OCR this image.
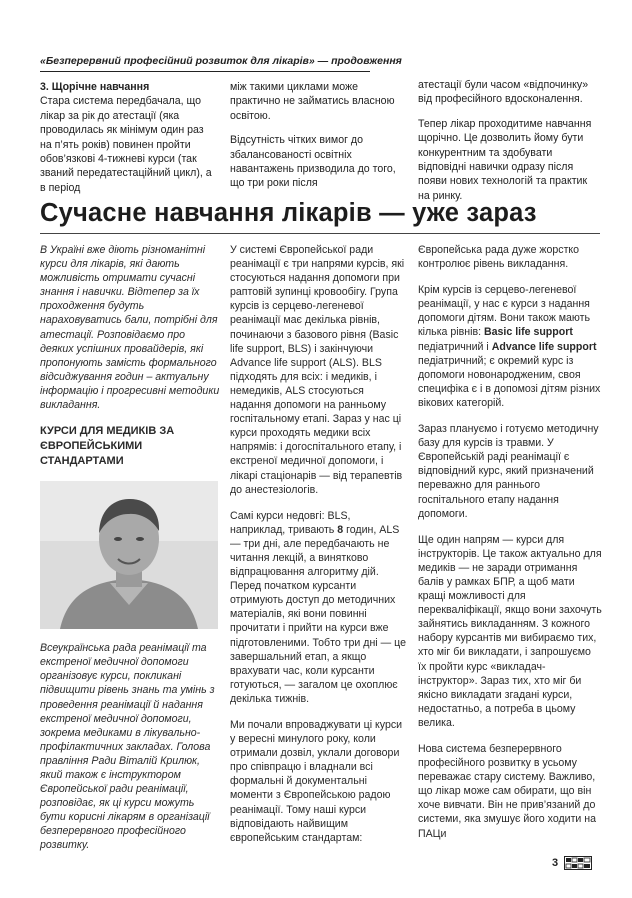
«Безперервний професійний розвиток для лікарів» — продовження
3. Щорічне навчання

Стара система передбачала, що лікар за рік до атестації (яка проводилась як мінімум один раз на п’ять років) повинен пройти обов’язкові 4-тижневі курси (так званий передатестаційний цикл), а в період

між такими циклами може практично не займатись власною освітою.

Відсутність чітких вимог до збалансованості освітніх навантажень призводила до того, що три роки після

атестації були часом «відпочинку» від професійного вдосконалення.

Тепер лікар проходитиме навчання щорічно. Це дозволить йому бути конкурентним та здобувати відповідні навички одразу після появи нових технологій та практик на ринку.

Сучасне навчання лікарів — уже зараз

В Україні вже діють різноманітні курси для лікарів, які дають можливість отримати сучасні знання і навички. Відтепер за їх проходження будуть нараховуватись бали, потрібні для атестації. Розповідаємо про деяких успішних провайдерів, які пропонують замість формального відсиджування годин – актуальну інформацію і прогресивні методики викладання.

КУРСИ ДЛЯ МЕДИКІВ ЗА ЄВРОПЕЙСЬКИМИ СТАНДАРТАМИ

Всеукраїнська рада реанімації та екстреної медичної допомоги організовує курси, покликані підвищити рівень знань та умінь з проведення реанімації й надання екстреної медичної допомоги, зокрема медиками в лікувально-профілактичних закладах. Голова правління Ради Віталій Крилюк, який також є інструктором Європейської ради реанімації, розповідає, як ці курси можуть бути корисні лікарям в організації безперервного професійного розвитку.

У системі Європейської ради реанімації є три напрями курсів, які стосуються надання допомоги при раптовій зупинці кровообігу. Група курсів із серцево-легеневої реанімації має декілька рівнів, починаючи з базового рівня (Basic life support, BLS) і закінчуючи Advance life support (ALS). BLS підходять для всіх: і медиків, і немедиків, ALS стосуються надання допомоги на ранньому госпітальному етапі. Зараз у нас ці курси проходять медики всіх напрямів: і догоспітального етапу, і екстреної медичної допомоги, і лікарі стаціонарів — від терапевтів до анестезіологів.

Самі курси недовгі: BLS, наприклад, тривають 8 годин, ALS — три дні, але передбачають не читання лекцій, а винятково відпрацювання алгоритму дій. Перед початком курсанти отримують доступ до методичних матеріалів, які вони повинні прочитати і прийти на курси вже підготовленими. Тобто три дні — це завершальний етап, а якщо врахувати час, коли курсанти готуються, — загалом це охоплює декілька тижнів.

Ми почали впроваджувати ці курси у вересні минулого року, коли отримали дозвіл, уклали договори про співпрацю і владнали всі формальні й документальні моменти з Європейською радою реанімації. Тому наші курси відповідають найвищим європейським стандартам:

Європейська рада дуже жорстко контролює рівень викладання.

Крім курсів із серцево-легеневої реанімації, у нас є курси з надання допомоги дітям. Вони також мають кілька рівнів: Basic life support педіатричний і Advance life support педіатричний; є окремий курс із допомоги новонародженим, своя специфіка є і в допомозі дітям різних вікових категорій.

Зараз плануємо і готуємо методичну базу для курсів із травми. У Європейській раді реанімації є відповідний курс, який призначений переважно для раннього госпітального етапу надання допомоги.

Ще один напрям — курси для інструкторів. Це також актуально для медиків — не заради отримання балів у рамках БПР, а щоб мати кращі можливості для перекваліфікації, якщо вони захочуть зайнятись викладанням. З кожного набору курсантів ми вибираємо тих, хто міг би викладати, і запрошуємо їх пройти курс «викладач-інструктор». Зараз тих, хто міг би якісно викладати згадані курси, недостатньо, а потреба в цьому велика.

Нова система безперервного професійного розвитку в усьому переважає стару систему. Важливо, що лікар може сам обирати, що він хоче вивчати. Він не прив’язаний до системи, яка змушує його ходити на ПАЦи

3
